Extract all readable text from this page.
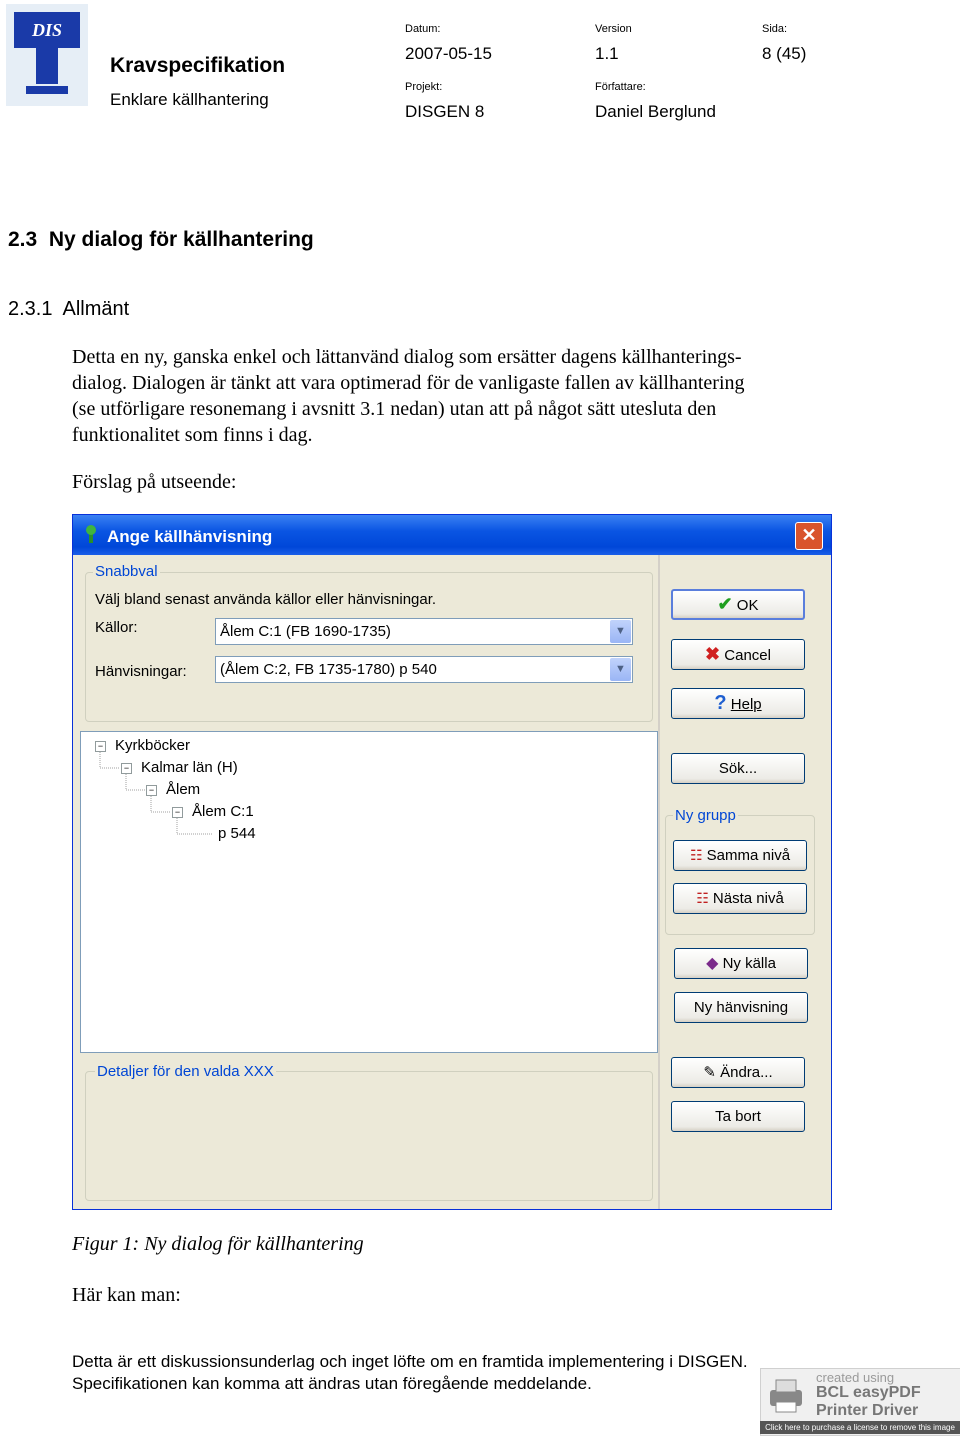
DIS
Kravspecifikation
Enklare källhantering
Datum:
2007-05-15
Version
1.1
Sida:
8 (45)
Projekt:
DISGEN 8
Författare:
Daniel Berglund
2.3  Ny dialog för källhantering
2.3.1  Allmänt
Detta en ny, ganska enkel och lättanvänd dialog som ersätter dagens källhanterings-
dialog. Dialogen är tänkt att vara optimerad för de vanligaste fallen av källhantering
(se utförligare resonemang i avsnitt 3.1 nedan) utan att på något sätt utesluta den
funktionalitet som finns i dag.
Förslag på utseende:
Ange källhänvisning	✕
Snabbval
Välj bland senast använda källor eller hänvisningar.
Källor:	Ålem C:1 (FB 1690-1735)	▼
Hänvisningar: (Ålem C:2, FB 1735-1780) p 540	▼
− Kyrkböcker
− Kalmar län (H)
− Ålem
− Ålem C:1
p 544
Detaljer för den valda XXX
✔ OK
✖ Cancel
? Help
Sök...
Ny grupp
☷ Samma nivå
☷ Nästa nivå
◆ Ny källa
Ny hänvisning
✎ Ändra...
Ta bort
Figur 1: Ny dialog för källhantering
Här kan man:
Detta är ett diskussionsunderlag och inget löfte om en framtida implementering i DISGEN.
Specifikationen kan komma att ändras utan föregående meddelande.	created using
BCL easyPDF
Printer Driver
Click here to purchase a license to remove this image
